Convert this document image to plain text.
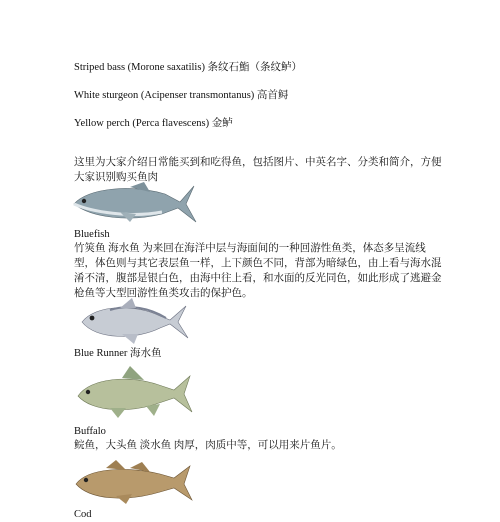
Striped bass (Morone saxatilis) 条纹石鮨（条纹鲈）
White sturgeon (Acipenser transmontanus) 高首鲟
Yellow perch (Perca flavescens) 金鲈
这里为大家介绍日常能买到和吃得鱼，包括图片、中英名字、分类和简介，方便大家识别购买鱼肉
Bluefish
竹筴鱼 海水鱼 为来回在海洋中层与海面间的一种回游性鱼类，体态多呈流线型，体色则与其它表层鱼一样，上下颜色不同，背部为暗绿色，由上看与海水混淆不清，腹部是银白色，由海中往上看，和水面的反光同色，如此形成了逃避金枪鱼等大型回游性鱼类攻击的保护色。
Blue Runner 海水鱼
Buffalo
鲩鱼，大头鱼 淡水鱼 肉厚，肉质中等，可以用来片鱼片。
Cod
